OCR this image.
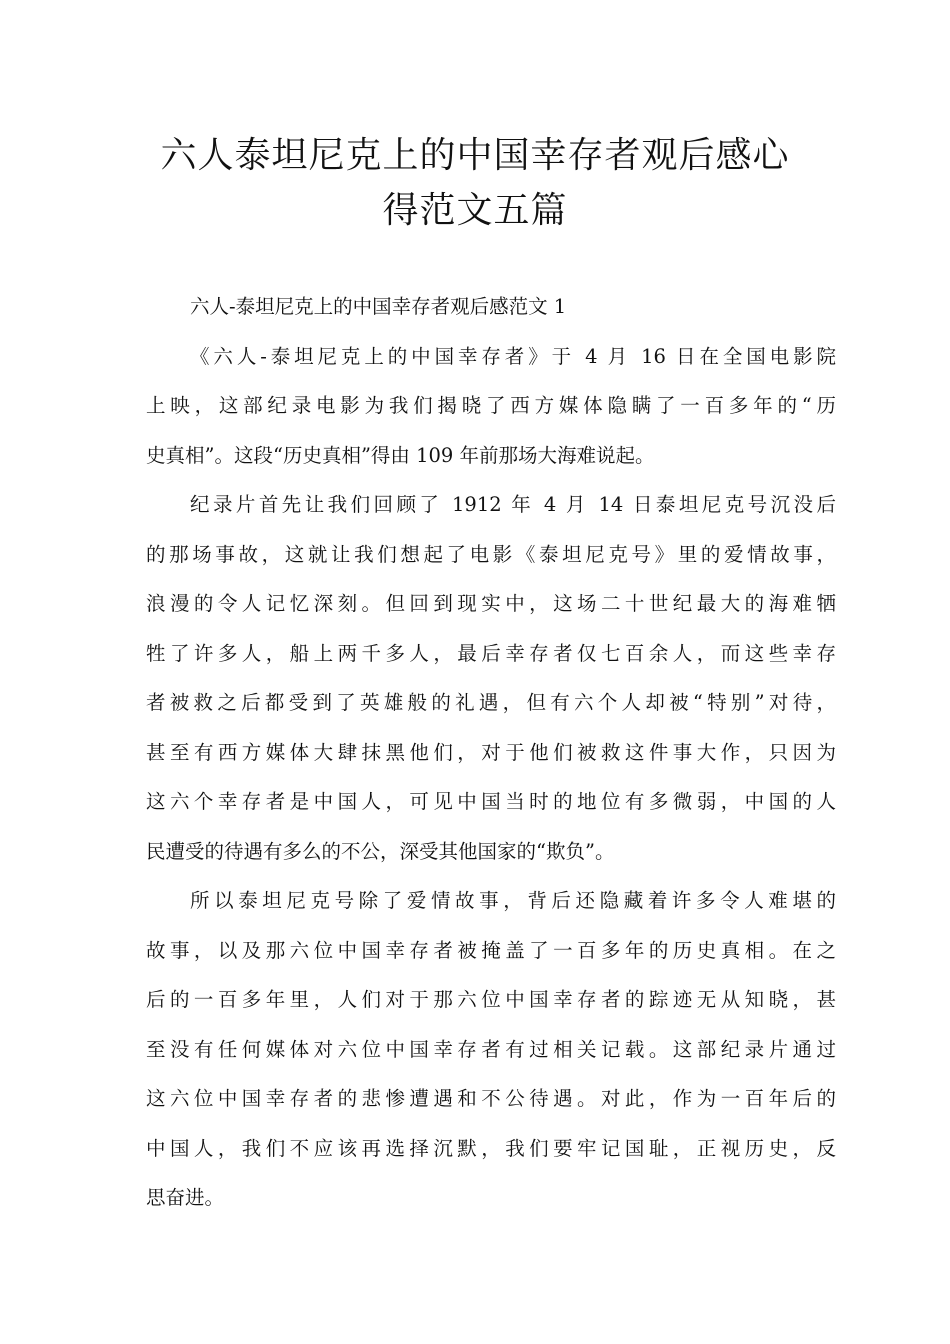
六人泰坦尼克上的中国幸存者观后感心
得范文五篇

六人-泰坦尼克上的中国幸存者观后感范文 1

《六人-泰坦尼克上的中国幸存者》于 4 月 16 日在全国电影院
上映，这部纪录电影为我们揭晓了西方媒体隐瞒了一百多年的“历
史真相”。这段“历史真相”得由 109 年前那场大海难说起。

纪录片首先让我们回顾了 1912 年 4 月 14 日泰坦尼克号沉没后
的那场事故，这就让我们想起了电影《泰坦尼克号》里的爱情故事，
浪漫的令人记忆深刻。但回到现实中，这场二十世纪最大的海难牺
牲了许多人，船上两千多人，最后幸存者仅七百余人，而这些幸存
者被救之后都受到了英雄般的礼遇，但有六个人却被“特别”对待，
甚至有西方媒体大肆抹黑他们，对于他们被救这件事大作，只因为
这六个幸存者是中国人，可见中国当时的地位有多微弱，中国的人
民遭受的待遇有多么的不公，深受其他国家的“欺负”。

所以泰坦尼克号除了爱情故事，背后还隐藏着许多令人难堪的
故事，以及那六位中国幸存者被掩盖了一百多年的历史真相。在之
后的一百多年里，人们对于那六位中国幸存者的踪迹无从知晓，甚
至没有任何媒体对六位中国幸存者有过相关记载。这部纪录片通过
这六位中国幸存者的悲惨遭遇和不公待遇。对此，作为一百年后的
中国人，我们不应该再选择沉默，我们要牢记国耻，正视历史，反
思奋进。
